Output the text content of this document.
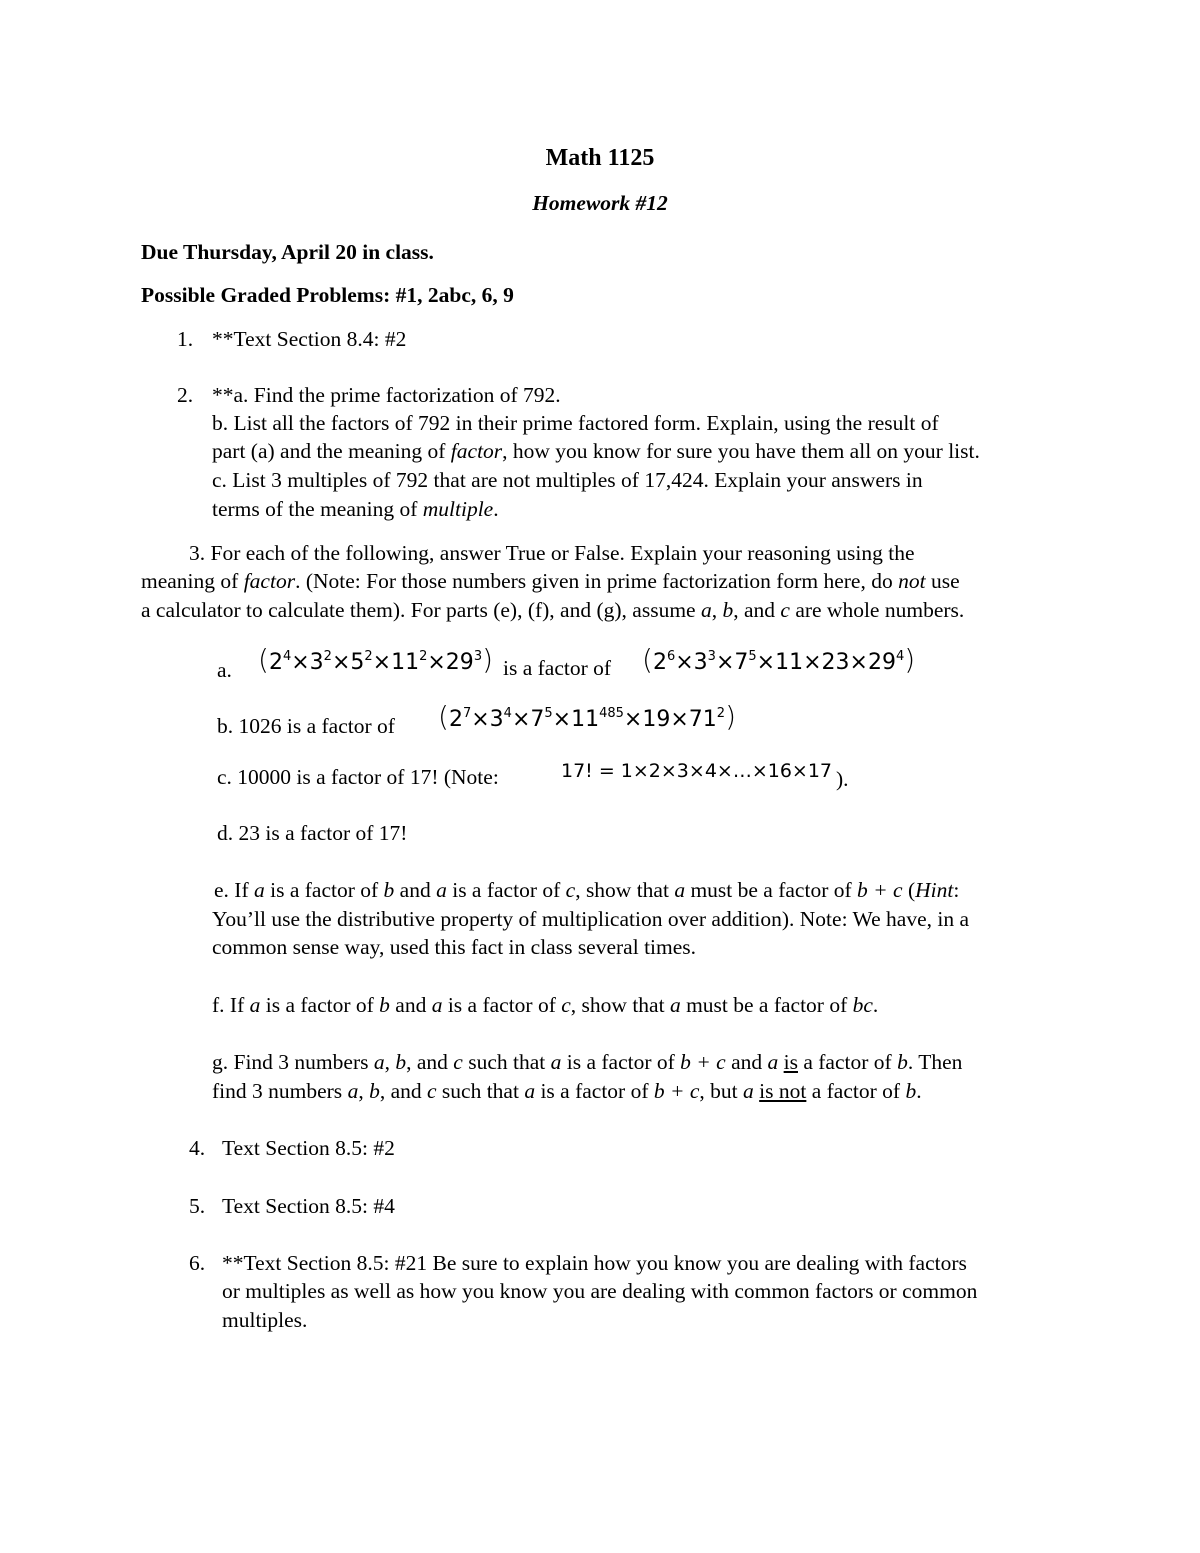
Math 1125
Homework #12
Due Thursday, April 20 in class.
Possible Graded Problems: #1, 2abc, 6, 9
1. **Text Section 8.4: #2
2. **a. Find the prime factorization of 792.
b. List all the factors of 792 in their prime factored form. Explain, using the result of
part (a) and the meaning of factor, how you know for sure you have them all on your list.
c. List 3 multiples of 792 that are not multiples of 17,424. Explain your answers in
terms of the meaning of multiple.
3. For each of the following, answer True or False. Explain your reasoning using the
meaning of factor. (Note: For those numbers given in prime factorization form here, do not use
a calculator to calculate them). For parts (e), (f), and (g), assume a, b, and c are whole numbers.
a. $(2^4\times 3^2\times 5^2\times 11^2\times 29^3)$ is a factor of $(2^6\times 3^3\times 7^5\times 11\times 23\times 29^4)$
b. 1026 is a factor of $(2^7\times 3^4\times 7^5\times 11^{485}\times 19\times 71^2)$
c. 10000 is a factor of 17! (Note:	17! = 1×2×3×4×…×16×17 ).
d. 23 is a factor of 17!
e. If a is a factor of b and a is a factor of c, show that a must be a factor of b + c (Hint:
You’ll use the distributive property of multiplication over addition). Note: We have, in a
common sense way, used this fact in class several times.
f. If a is a factor of b and a is a factor of c, show that a must be a factor of bc.
g. Find 3 numbers a, b, and c such that a is a factor of b + c and a is a factor of b. Then
find 3 numbers a, b, and c such that a is a factor of b + c, but a is not a factor of b.
4. Text Section 8.5: #2
5. Text Section 8.5: #4
6. **Text Section 8.5: #21 Be sure to explain how you know you are dealing with factors
or multiples as well as how you know you are dealing with common factors or common
multiples.
